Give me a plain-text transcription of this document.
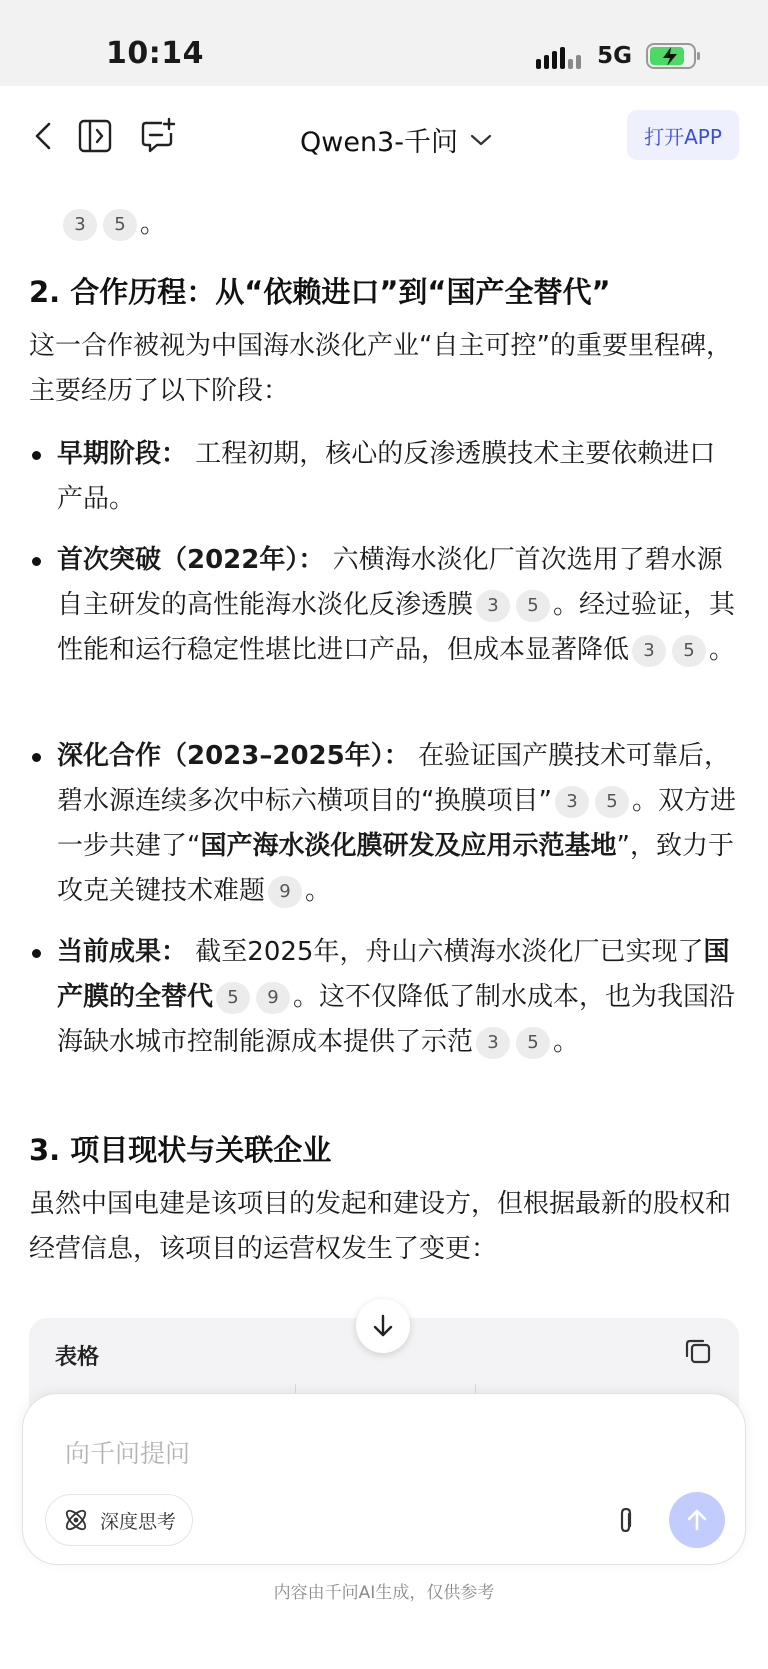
10:14	5G
Qwen3-千问	打开APP
3 5 。
2. 合作历程：从“依赖进口”到“国产全替代”
这一合作被视为中国海水淡化产业“自主可控”的重要里程碑，主要经历了以下阶段：
早期阶段： 工程初期，核心的反渗透膜技术主要依赖进口产品。
首次突破（2022年）： 六横海水淡化厂首次选用了碧水源自主研发的高性能海水淡化反渗透膜 3 5 。经过验证，其性能和运行稳定性堪比进口产品，但成本显著降低 3 5 。
深化合作（2023–2025年）： 在验证国产膜技术可靠后，碧水源连续多次中标六横项目的“换膜项目” 3 5 。双方进一步共建了“国产海水淡化膜研发及应用示范基地”，致力于攻克关键技术难题 9 。
当前成果： 截至2025年，舟山六横海水淡化厂已实现了国产膜的全替代 5 9 。这不仅降低了制水成本，也为我国沿海缺水城市控制能源成本提供了示范 3 5 。
3. 项目现状与关联企业
虽然中国电建是该项目的发起和建设方，但根据最新的股权和经营信息，该项目的运营权发生了变更：
表格
向千问提问
深度思考
内容由千问AI生成，仅供参考
